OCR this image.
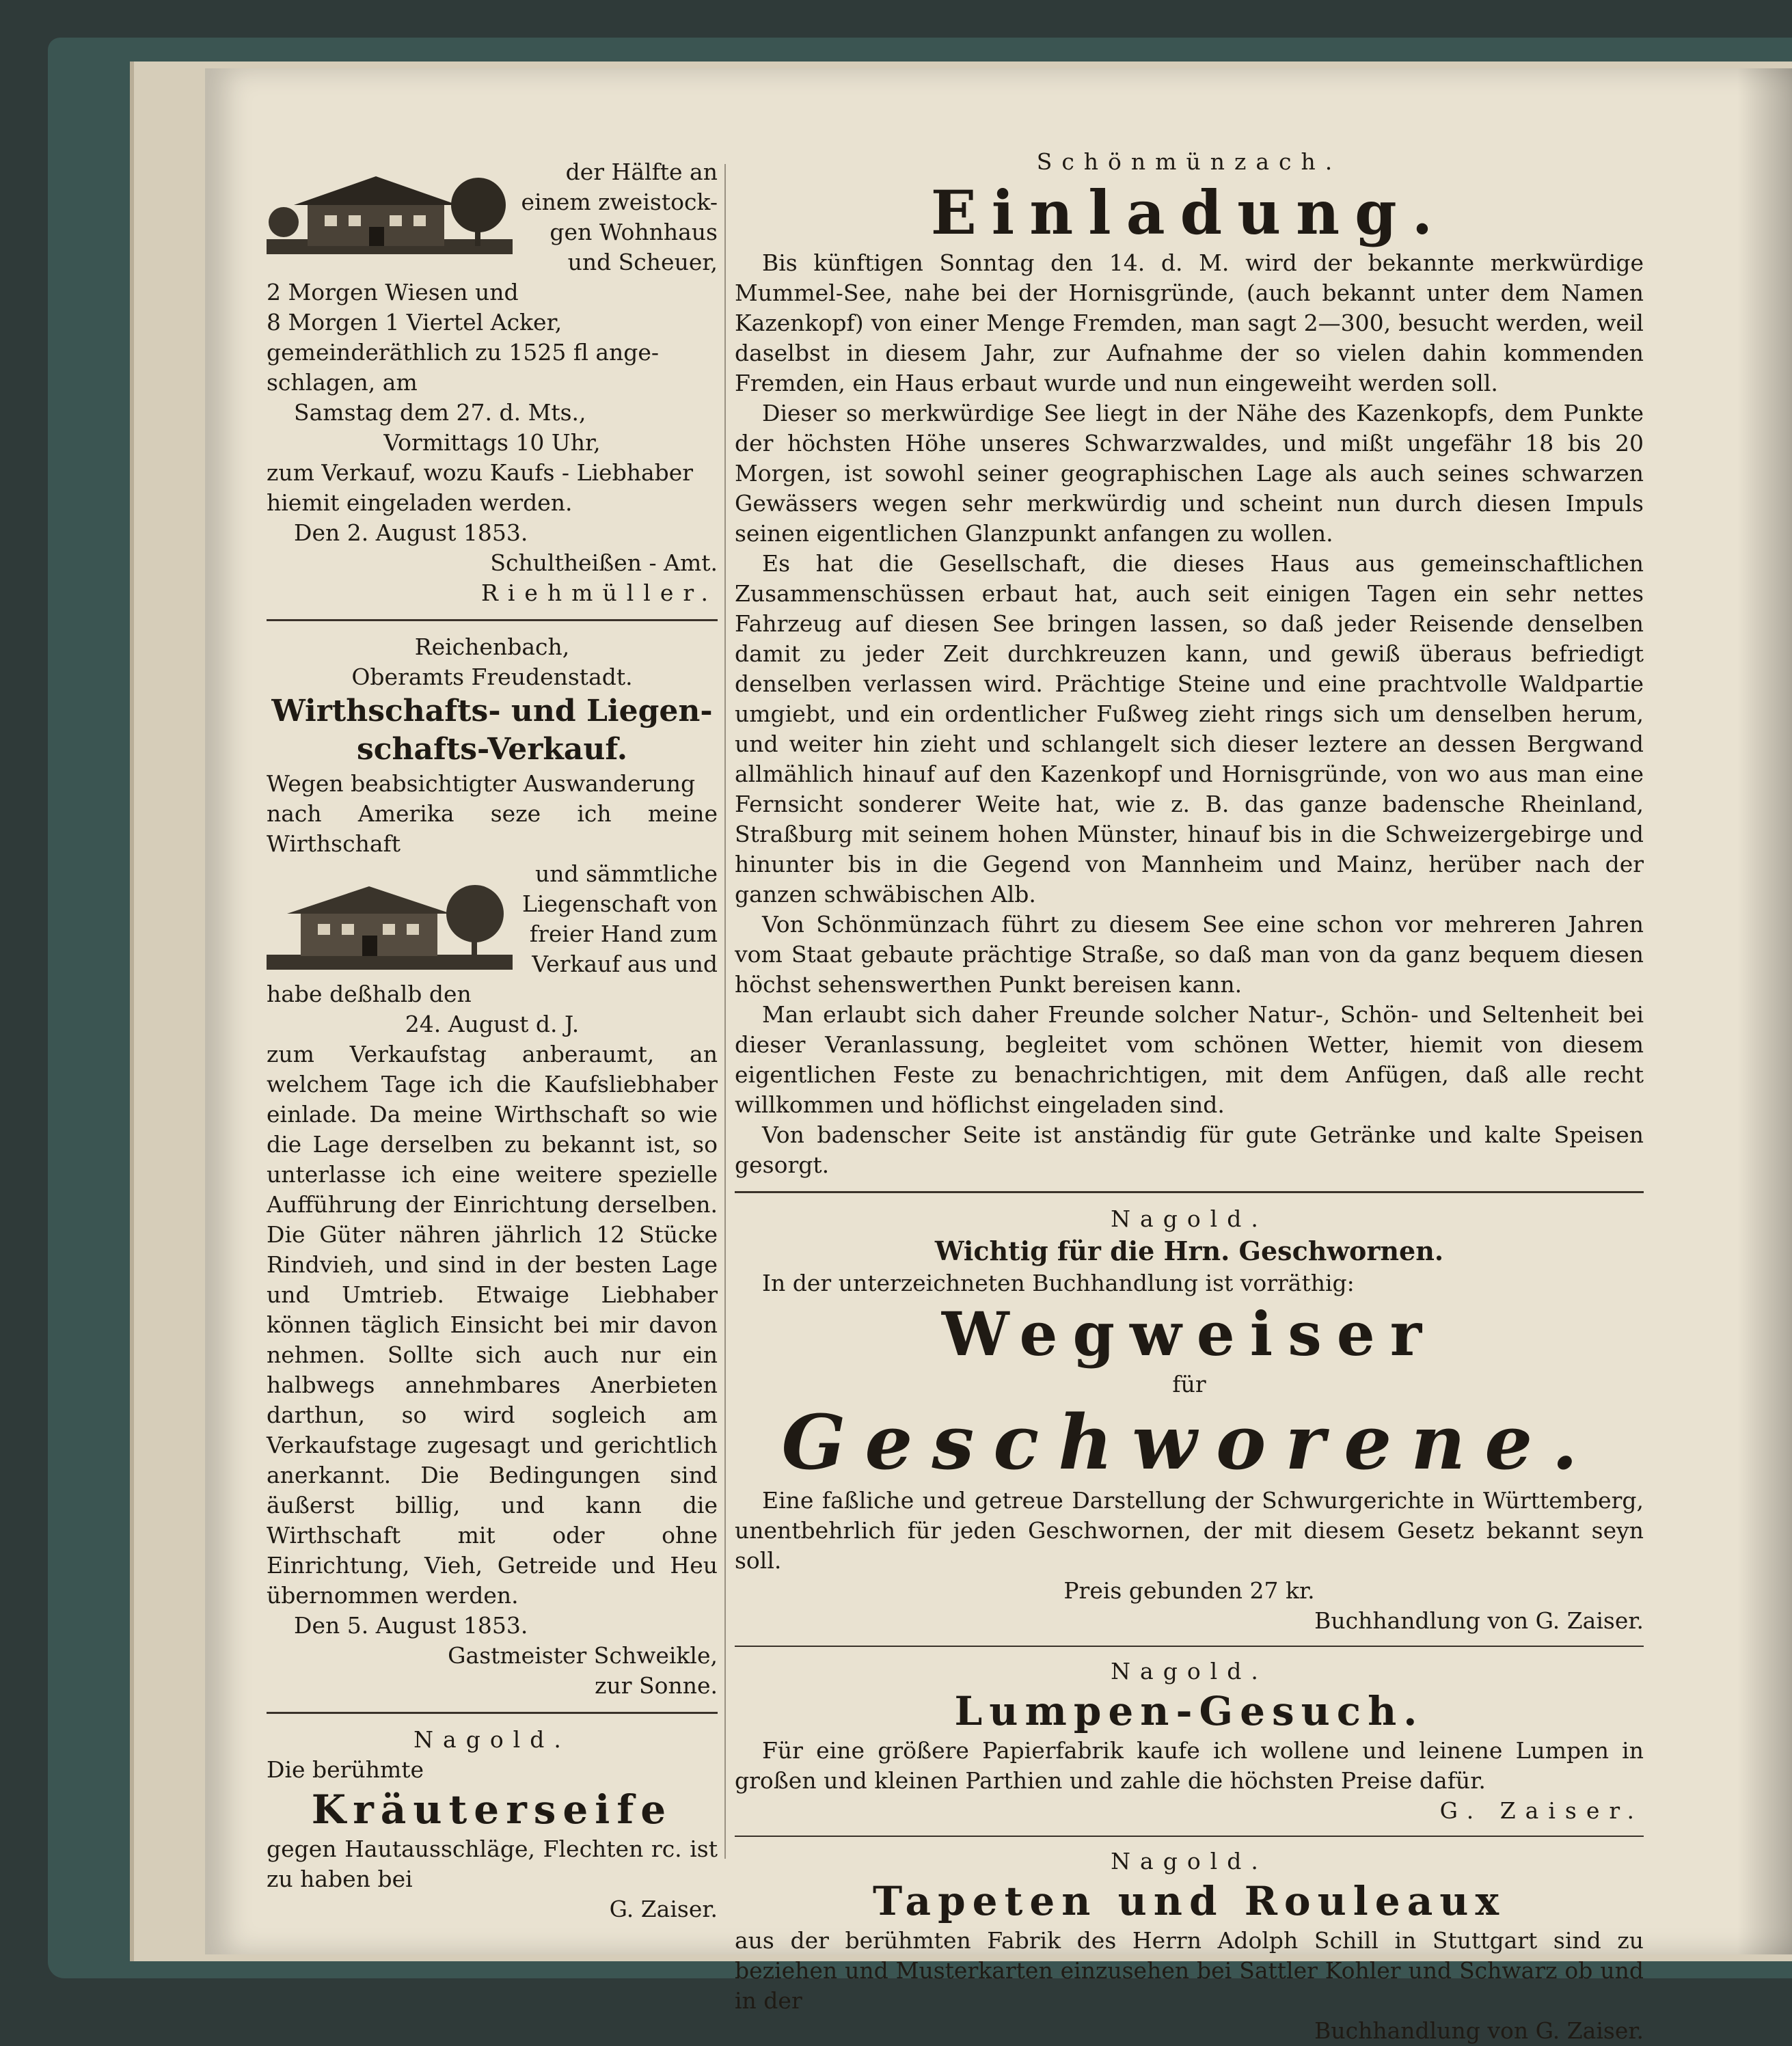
der Hälfte an

einem zweistock-

gen Wohnhaus

und Scheuer,

2 Morgen Wiesen und

8 Morgen 1 Viertel Acker,

gemeinderäthlich zu 1525 fl ange-

schlagen, am

Samstag dem 27. d. Mts.,

Vormittags 10 Uhr,

zum Verkauf, wozu Kaufs - Liebhaber

hiemit eingeladen werden.

Den 2. August 1853.

Schultheißen - Amt.

Riehmüller.

Reichenbach,

Oberamts Freudenstadt.

Wirthschafts- und Liegen-schafts-Verkauf.

Wegen beabsichtigter Auswanderung

nach Amerika seze ich meine Wirthschaft

und sämmtliche

Liegenschaft von

freier Hand zum

Verkauf aus und

habe deßhalb den

24. August d. J.

zum Verkaufstag anberaumt, an welchem Tage ich die Kaufsliebhaber einlade. Da meine Wirthschaft so wie die Lage derselben zu bekannt ist, so unterlasse ich eine weitere spezielle Aufführung der Einrichtung derselben. Die Güter nähren jährlich 12 Stücke Rindvieh, und sind in der besten Lage und Umtrieb. Etwaige Liebhaber können täglich Einsicht bei mir davon nehmen. Sollte sich auch nur ein halbwegs annehmbares Anerbieten darthun, so wird sogleich am Verkaufstage zugesagt und gerichtlich anerkannt. Die Bedingungen sind äußerst billig, und kann die Wirthschaft mit oder ohne Einrichtung, Vieh, Getreide und Heu übernommen werden.

Den 5. August 1853.

Gastmeister Schweikle,

zur Sonne.

Nagold.

Die berühmte

Kräuterseife

gegen Hautausschläge, Flechten rc. ist zu haben bei

G. Zaiser.

Schönmünzach.

Einladung.

Bis künftigen Sonntag den 14. d. M. wird der bekannte merkwürdige Mummel-See, nahe bei der Hornisgründe, (auch bekannt unter dem Namen Kazenkopf) von einer Menge Fremden, man sagt 2—300, besucht werden, weil daselbst in diesem Jahr, zur Aufnahme der so vielen dahin kommenden Fremden, ein Haus erbaut wurde und nun eingeweiht werden soll.

Dieser so merkwürdige See liegt in der Nähe des Kazenkopfs, dem Punkte der höchsten Höhe unseres Schwarzwaldes, und mißt ungefähr 18 bis 20 Morgen, ist sowohl seiner geographischen Lage als auch seines schwarzen Gewässers wegen sehr merkwürdig und scheint nun durch diesen Impuls seinen eigentlichen Glanzpunkt anfangen zu wollen.

Es hat die Gesellschaft, die dieses Haus aus gemeinschaftlichen Zusammenschüssen erbaut hat, auch seit einigen Tagen ein sehr nettes Fahrzeug auf diesen See bringen lassen, so daß jeder Reisende denselben damit zu jeder Zeit durchkreuzen kann, und gewiß überaus befriedigt denselben verlassen wird. Prächtige Steine und eine prachtvolle Waldpartie umgiebt, und ein ordentlicher Fußweg zieht rings sich um denselben herum, und weiter hin zieht und schlangelt sich dieser leztere an dessen Bergwand allmählich hinauf auf den Kazenkopf und Hornisgründe, von wo aus man eine Fernsicht sonderer Weite hat, wie z. B. das ganze badensche Rheinland, Straßburg mit seinem hohen Münster, hinauf bis in die Schweizergebirge und hinunter bis in die Gegend von Mannheim und Mainz, herüber nach der ganzen schwäbischen Alb.

Von Schönmünzach führt zu diesem See eine schon vor mehreren Jahren vom Staat gebaute prächtige Straße, so daß man von da ganz bequem diesen höchst sehenswerthen Punkt bereisen kann.

Man erlaubt sich daher Freunde solcher Natur-, Schön- und Seltenheit bei dieser Veranlassung, begleitet vom schönen Wetter, hiemit von diesem eigentlichen Feste zu benachrichtigen, mit dem Anfügen, daß alle recht willkommen und höflichst eingeladen sind.

Von badenscher Seite ist anständig für gute Getränke und kalte Speisen gesorgt.

Nagold.

Wichtig für die Hrn. Geschwornen.

In der unterzeichneten Buchhandlung ist vorräthig:

Wegweiser

für

Geschworene.

Eine faßliche und getreue Darstellung der Schwurgerichte in Württemberg, unentbehrlich für jeden Geschwornen, der mit diesem Gesetz bekannt seyn soll.

Preis gebunden 27 kr.

Buchhandlung von G. Zaiser.

Nagold.

Lumpen-Gesuch.

Für eine größere Papierfabrik kaufe ich wollene und leinene Lumpen in großen und kleinen Parthien und zahle die höchsten Preise dafür.

G. Zaiser.

Nagold.

Tapeten und Rouleaux

aus der berühmten Fabrik des Herrn Adolph Schill in Stuttgart sind zu beziehen und Musterkarten einzusehen bei Sattler Kohler und Schwarz ob und in der

Buchhandlung von G. Zaiser.
